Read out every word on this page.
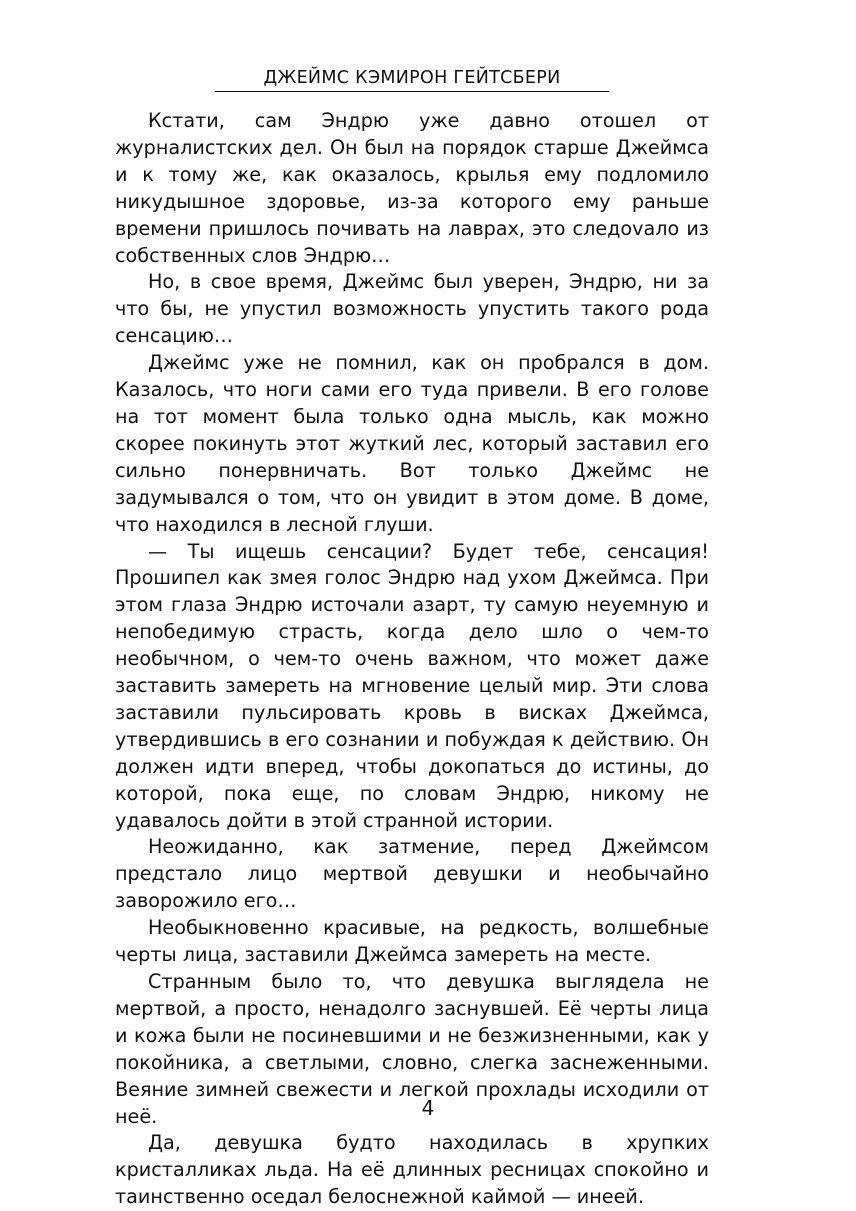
ДЖЕЙМС КЭМИРОН ГЕЙТСБЕРИ

Кстати, сам Эндрю уже давно отошел от журналистских дел. Он был на порядок старше Джеймса и к тому же, как оказалось, крылья ему подломило никудышное здоровье, из-за которого ему раньше времени пришлось почивать на лаврах, это следоvало из собственных слов Эндрю…

Но, в свое время, Джеймс был уверен, Эндрю, ни за что бы, не упустил возможность упустить такого рода сенсацию…

Джеймс уже не помнил, как он пробрался в дом. Казалось, что ноги сами его туда привели. В его голове на тот момент была только одна мысль, как можно скорее покинуть этот жуткий лес, который заставил его сильно понервничать. Вот только Джеймс не задумывался о том, что он увидит в этом доме. В доме, что находился в лесной глуши.

— Ты ищешь сенсации? Будет тебе, сенсация! Прошипел как змея голос Эндрю над ухом Джеймса. При этом глаза Эндрю источали азарт, ту самую неуемную и непобедимую страсть, когда дело шло о чем-то необычном, о чем-то очень важном, что может даже заставить замереть на мгновение целый мир. Эти слова заставили пульсировать кровь в висках Джеймса, утвердившись в его сознании и побуждая к действию. Он должен идти вперед, чтобы докопаться до истины, до которой, пока еще, по словам Эндрю, никому не удавалось дойти в этой странной истории.

Неожиданно, как затмение, перед Джеймсом предстало лицо мертвой девушки и необычайно заворожило его…

Необыкновенно красивые, на редкость, волшебные черты лица, заставили Джеймса замереть на месте.

Странным было то, что девушка выглядела не мертвой, а просто, ненадолго заснувшей. Её черты лица и кожа были не посиневшими и не безжизненными, как у покойника, а светлыми, словно, слегка заснеженными. Веяние зимней свежести и легкой прохлады исходили от неё.

Да, девушка будто находилась в хрупких кристалликах льда. На её длинных ресницах спокойно и таинственно оседал белоснежной каймой — инеей.

4
